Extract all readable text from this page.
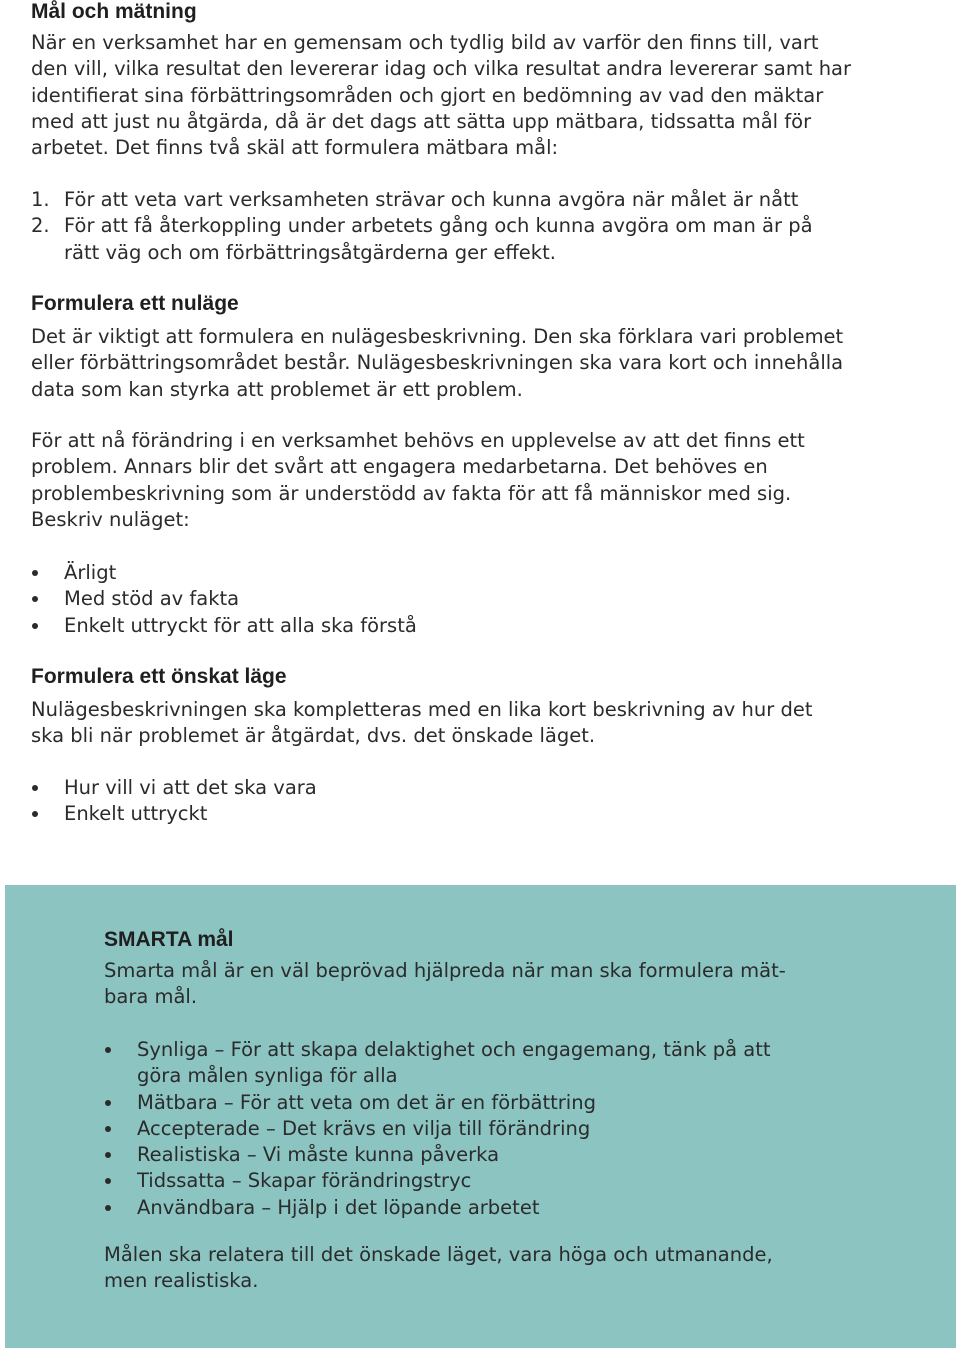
Mål och mätning

När en verksamhet har en gemensam och tydlig bild av varför den finns till, vart
den vill, vilka resultat den levererar idag och vilka resultat andra levererar samt har
identifierat sina förbättringsområden och gjort en bedömning av vad den mäktar
med att just nu åtgärda, då är det dags att sätta upp mätbara, tidssatta mål för
arbetet. Det finns två skäl att formulera mätbara mål:

1. För att veta vart verksamheten strävar och kunna avgöra när målet är nått
2. För att få återkoppling under arbetets gång och kunna avgöra om man är på
rätt väg och om förbättringsåtgärderna ger effekt.
Formulera ett nuläge

Det är viktigt att formulera en nulägesbeskrivning. Den ska förklara vari problemet
eller förbättringsområdet består. Nulägesbeskrivningen ska vara kort och innehålla
data som kan styrka att problemet är ett problem.

För att nå förändring i en verksamhet behövs en upplevelse av att det finns ett
problem. Annars blir det svårt att engagera medarbetarna. Det behöves en
problembeskrivning som är understödd av fakta för att få människor med sig.
Beskriv nuläget:

Ärligt
Med stöd av fakta
Enkelt uttryckt för att alla ska förstå
Formulera ett önskat läge

Nulägesbeskrivningen ska kompletteras med en lika kort beskrivning av hur det
ska bli när problemet är åtgärdat, dvs. det önskade läget.

Hur vill vi att det ska vara
Enkelt uttryckt
SMARTA mål

Smarta mål är en väl beprövad hjälpreda när man ska formulera mät-
bara mål.

Synliga – För att skapa delaktighet och engagemang, tänk på att
göra målen synliga för alla
Mätbara – För att veta om det är en förbättring
Accepterade – Det krävs en vilja till förändring
Realistiska – Vi måste kunna påverka
Tidssatta – Skapar förändringstryc
Användbara – Hjälp i det löpande arbetet

Målen ska relatera till det önskade läget, vara höga och utmanande,
men realistiska.
